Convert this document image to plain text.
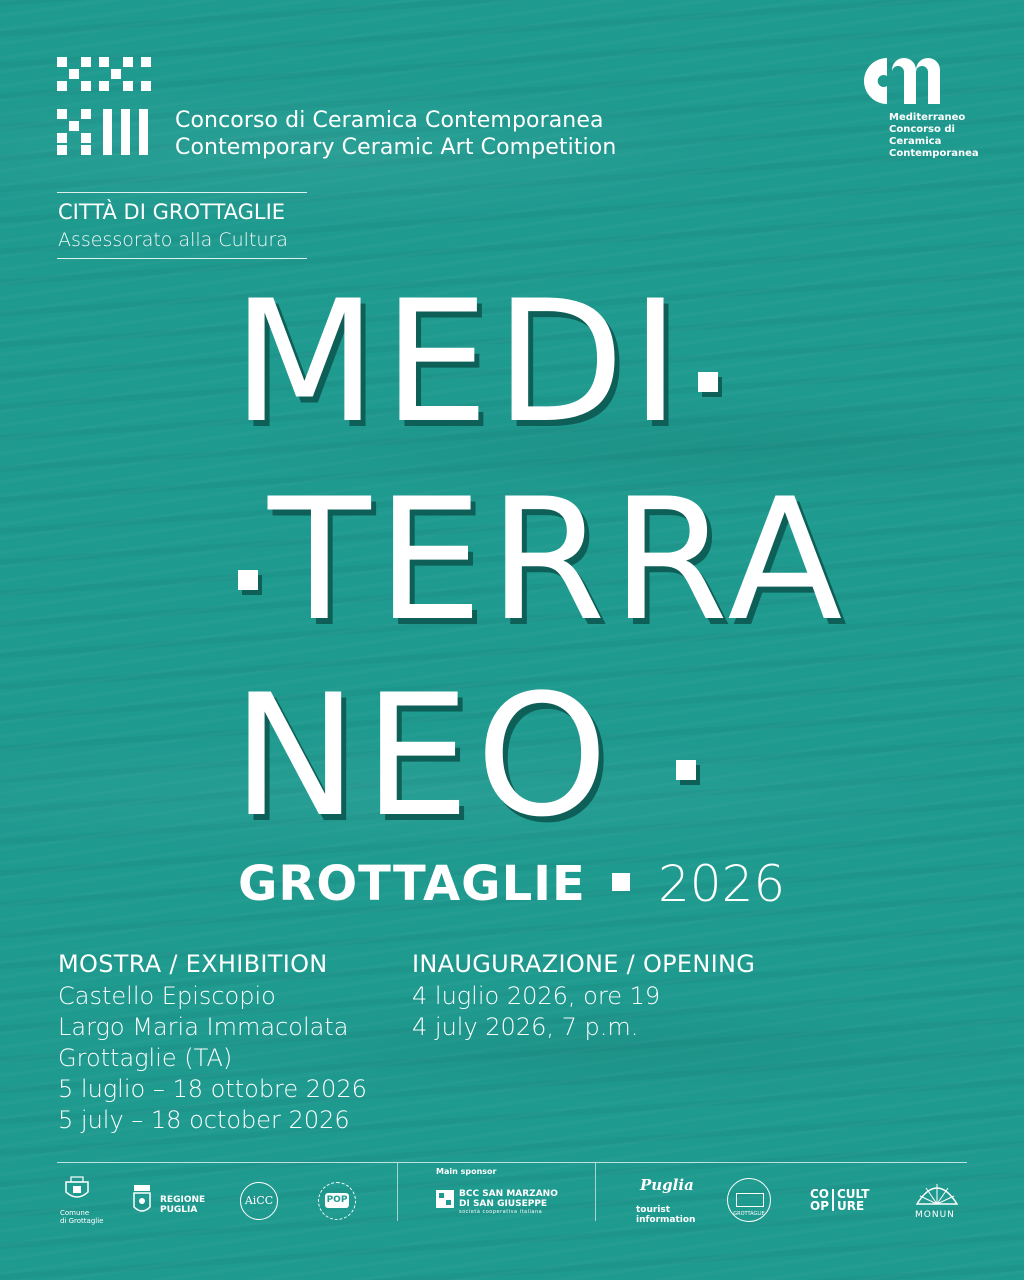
Concorso di Ceramica Contemporanea
Contemporary Ceramic Art Competition
Mediterraneo
Concorso di
Ceramica
Contemporanea
CITTÀ DI GROTTAGLIE
Assessorato alla Cultura
MEDI
TERRA
NEO
GROTTAGLIE 2026
MOSTRA / EXHIBITION
Castello Episcopio
Largo Maria Immacolata
Grottaglie (TA)
5 luglio – 18 ottobre 2026
5 july – 18 october 2026
INAUGURAZIONE / OPENING
4 luglio 2026, ore 19
4 july 2026, 7 p.m.
Comune
di Grottaglie
REGIONE
PUGLIA
AiCC	POP
Main sponsor
BCC SAN MARZANO
DI SAN GIUSEPPE
società cooperativa italiana
Puglia
tourist
information
GROTTAGLIE
CO
OP
CULT
URE
MONUN
